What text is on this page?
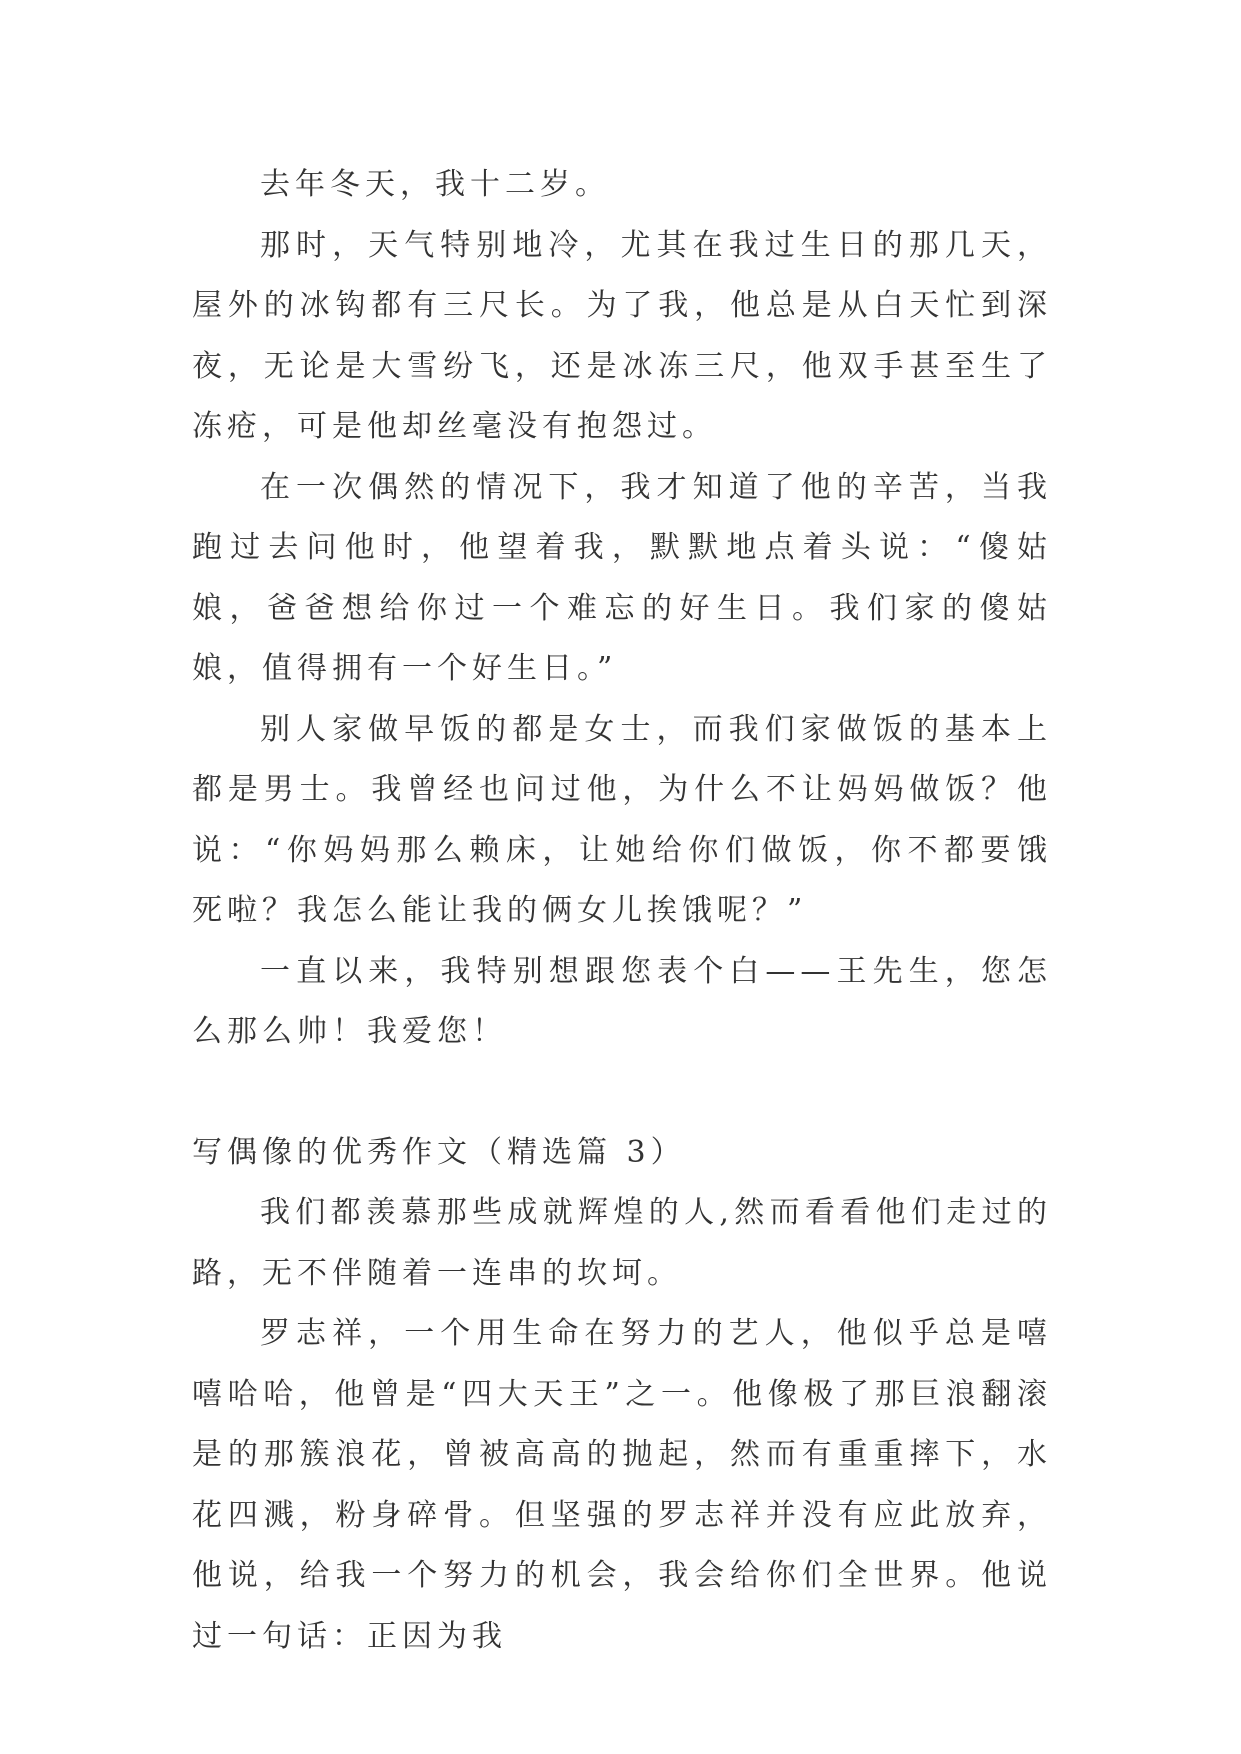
去年冬天，我十二岁。

那时，天气特别地冷，尤其在我过生日的那几天，屋外的冰钩都有三尺长。为了我，他总是从白天忙到深夜，无论是大雪纷飞，还是冰冻三尺，他双手甚至生了冻疮，可是他却丝毫没有抱怨过。

在一次偶然的情况下，我才知道了他的辛苦，当我跑过去问他时，他望着我，默默地点着头说：“傻姑娘，爸爸想给你过一个难忘的好生日。我们家的傻姑娘，值得拥有一个好生日。”

别人家做早饭的都是女士，而我们家做饭的基本上都是男士。我曾经也问过他，为什么不让妈妈做饭？他说：“你妈妈那么赖床，让她给你们做饭，你不都要饿死啦？我怎么能让我的俩女儿挨饿呢？”

一直以来，我特别想跟您表个白——王先生，您怎么那么帅！我爱您！

写偶像的优秀作文（精选篇 3）

我们都羡慕那些成就辉煌的人,然而看看他们走过的路，无不伴随着一连串的坎坷。

罗志祥，一个用生命在努力的艺人，他似乎总是嘻嘻哈哈，他曾是“四大天王”之一。他像极了那巨浪翻滚是的那簇浪花，曾被高高的抛起，然而有重重摔下，水花四溅，粉身碎骨。但坚强的罗志祥并没有应此放弃，他说，给我一个努力的机会，我会给你们全世界。他说过一句话：正因为我
